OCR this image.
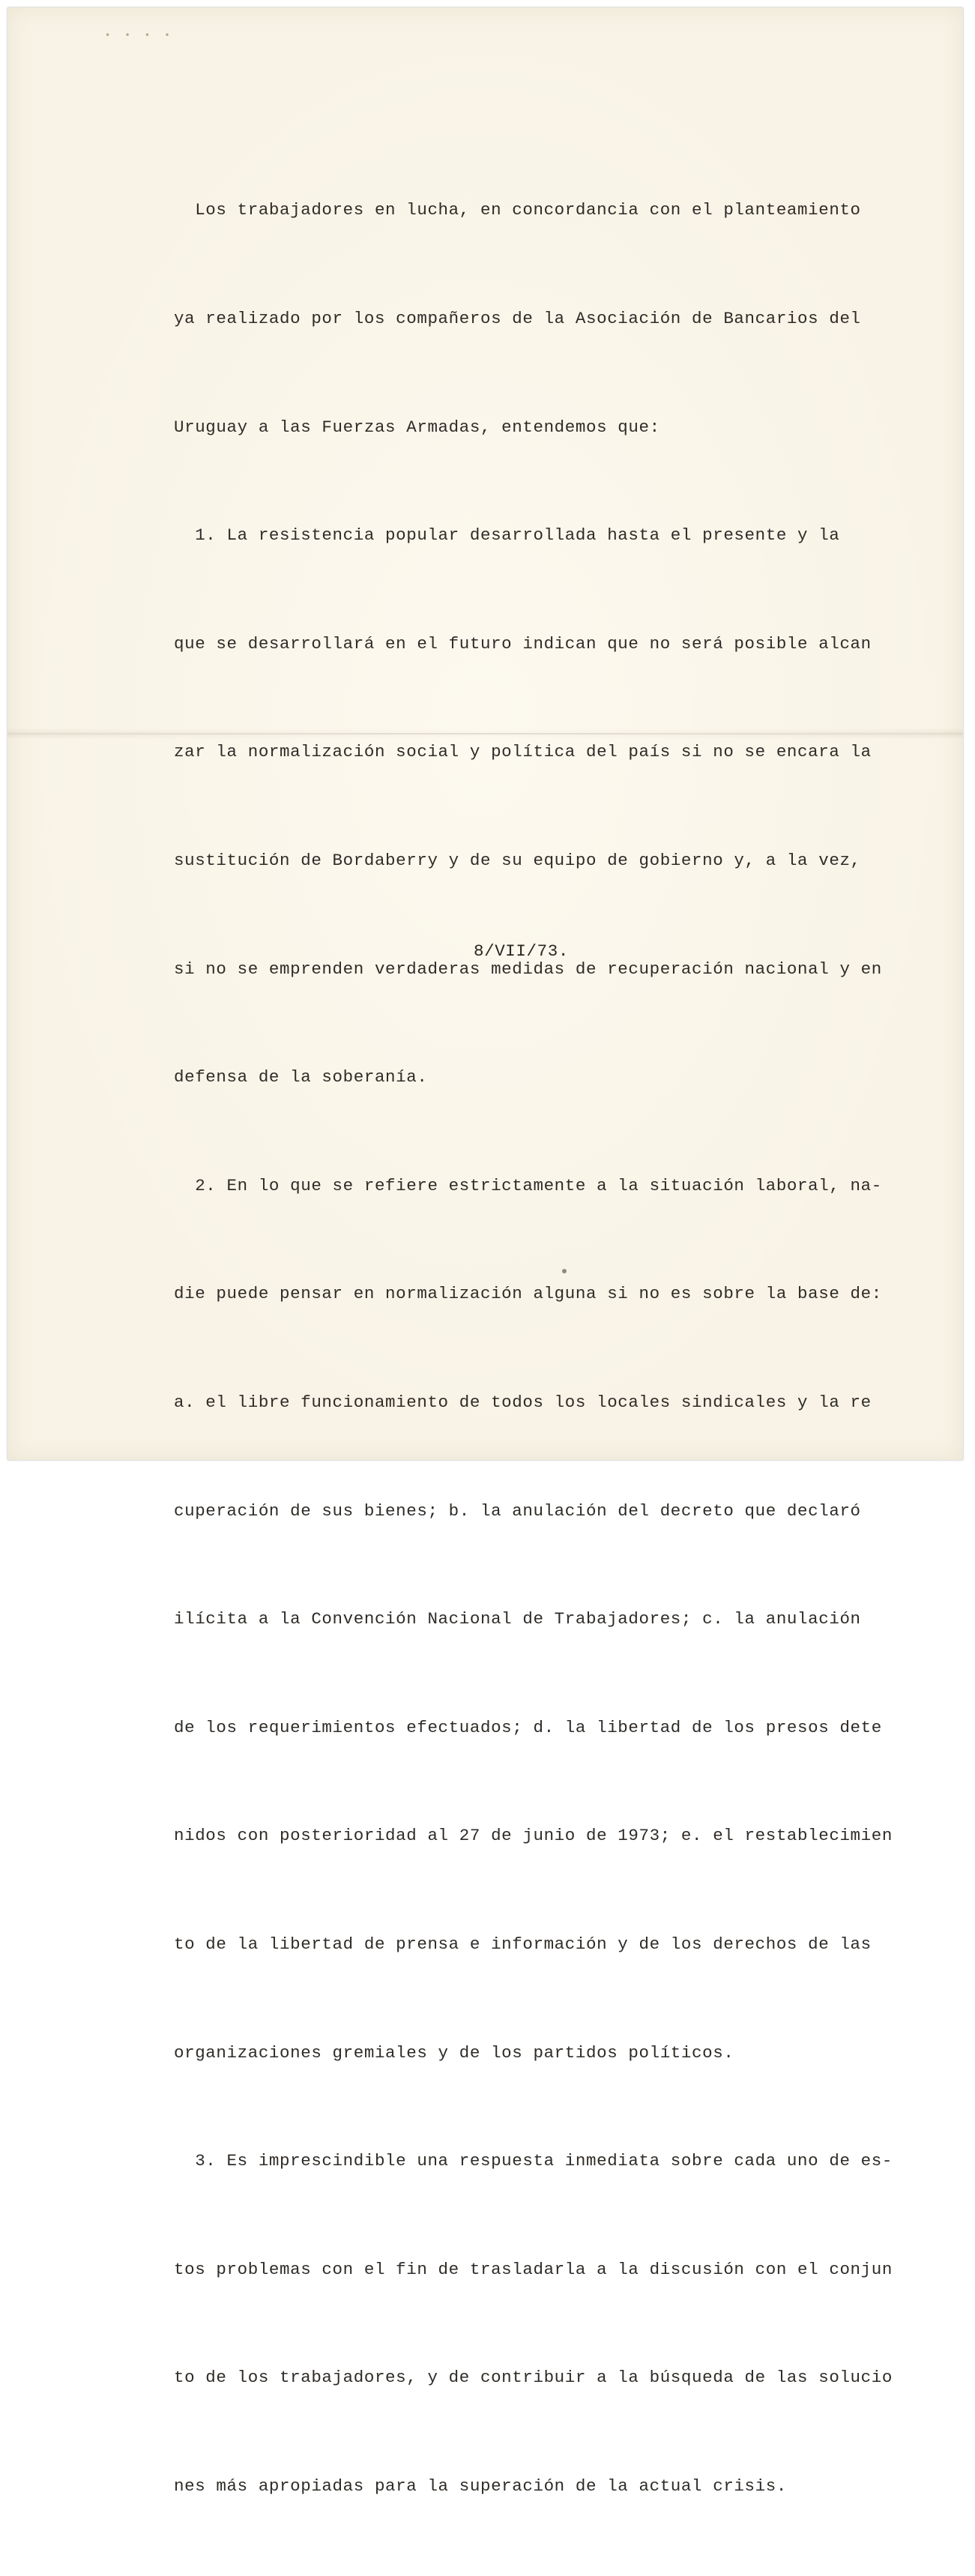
• • • •

Los trabajadores en lucha, en concordancia con el planteamiento

ya realizado por los compañeros de la Asociación de Bancarios del

Uruguay a las Fuerzas Armadas, entendemos que:

1. La resistencia popular desarrollada hasta el presente y la

que se desarrollará en el futuro indican que no será posible alcan

zar la normalización social y política del país si no se encara la

sustitución de Bordaberry y de su equipo de gobierno y, a la vez,

si no se emprenden verdaderas medidas de recuperación nacional y en

defensa de la soberanía.

2. En lo que se refiere estrictamente a la situación laboral, na-

die puede pensar en normalización alguna si no es sobre la base de:

a. el libre funcionamiento de todos los locales sindicales y la re

cuperación de sus bienes; b. la anulación del decreto que declaró

ilícita a la Convención Nacional de Trabajadores; c. la anulación

de los requerimientos efectuados; d. la libertad de los presos dete

nidos con posterioridad al 27 de junio de 1973; e. el restablecimien

to de la libertad de prensa e información y de los derechos de las

organizaciones gremiales y de los partidos políticos.

3. Es imprescindible una respuesta inmediata sobre cada uno de es-

tos problemas con el fin de trasladarla a la discusión con el conjun

to de los trabajadores, y de contribuir a la búsqueda de las solucio

nes más apropiadas para la superación de la actual crisis.

8/VII/73.
